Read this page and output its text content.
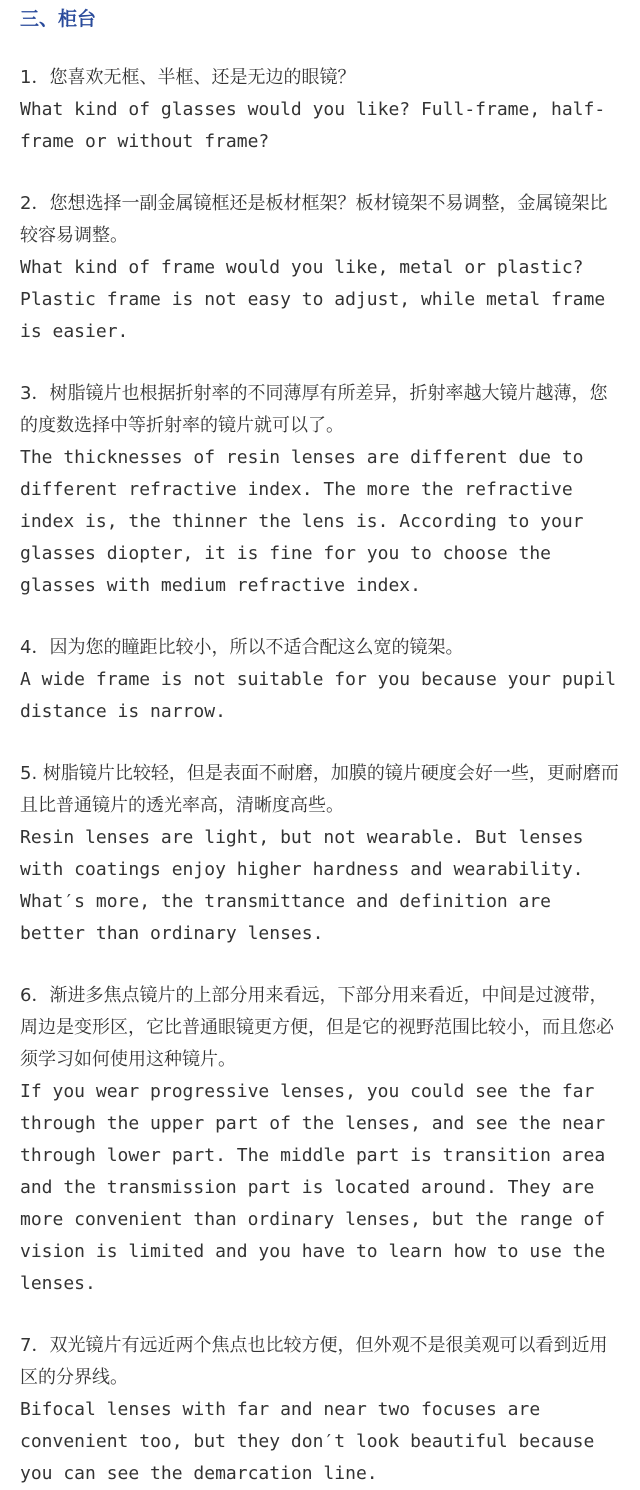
三、柜台
1．您喜欢无框、半框、还是无边的眼镜？
What kind of glasses would you like? Full-frame, half-frame or without frame?
2．您想选择一副金属镜框还是板材框架？板材镜架不易调整，金属镜架比较容易调整。
What kind of frame would you like, metal or plastic? Plastic frame is not easy to adjust, while metal frame is easier.
3．树脂镜片也根据折射率的不同薄厚有所差异，折射率越大镜片越薄，您的度数选择中等折射率的镜片就可以了。
The thicknesses of resin lenses are different due to different refractive index. The more the refractive index is, the thinner the lens is. According to your glasses diopter, it is fine for you to choose the glasses with medium refractive index.
4．因为您的瞳距比较小，所以不适合配这么宽的镜架。
A wide frame is not suitable for you because your pupil distance is narrow.
5. 树脂镜片比较轻，但是表面不耐磨，加膜的镜片硬度会好一些，更耐磨而且比普通镜片的透光率高，清晰度高些。
Resin lenses are light, but not wearable. But lenses with coatings enjoy higher hardness and wearability. What′s more, the transmittance and definition are better than ordinary lenses.
6．渐进多焦点镜片的上部分用来看远，下部分用来看近，中间是过渡带，周边是变形区，它比普通眼镜更方便，但是它的视野范围比较小，而且您必须学习如何使用这种镜片。
If you wear progressive lenses, you could see the far through the upper part of the lenses, and see the near through lower part. The middle part is transition area and the transmission part is located around. They are more convenient than ordinary lenses, but the range of vision is limited and you have to learn how to use the lenses.
7．双光镜片有远近两个焦点也比较方便，但外观不是很美观可以看到近用区的分界线。
Bifocal lenses with far and near two focuses are convenient too, but they don′t look beautiful because you can see the demarcation line.
